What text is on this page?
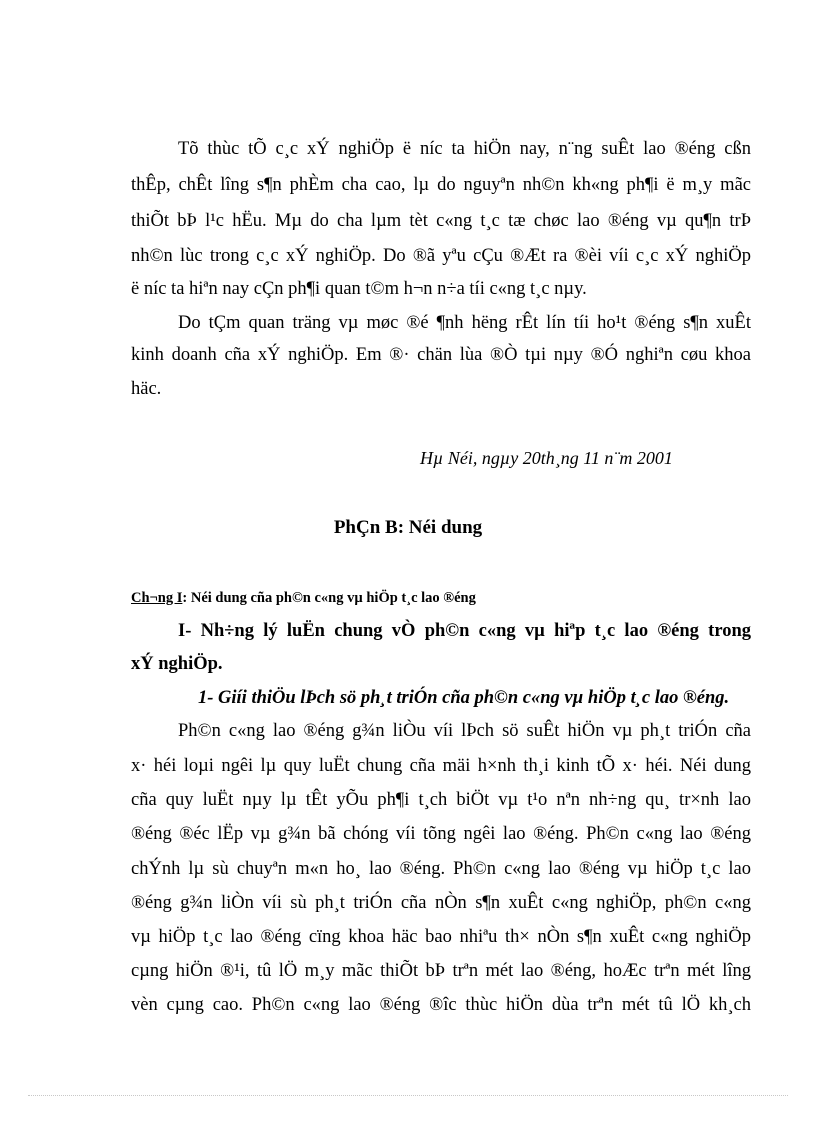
Tõ thùc tÕ c¸c xÝ nghiÖp ë níc ta hiÖn nay, n¨ng suÊt lao ®éng cßn
thÊp, chÊt lîng s¶n phÈm cha cao, lµ do nguyªn nh©n kh«ng ph¶i ë m¸y mãc
thiÕt bÞ l¹c hËu. Mµ do cha lµm tèt c«ng t¸c tæ chøc lao ®éng vµ qu¶n trÞ
nh©n lùc trong c¸c xÝ nghiÖp. Do ®ã yªu cÇu ®Æt ra ®èi víi c¸c xÝ nghiÖp
ë níc ta hiªn nay cÇn ph¶i quan t©m h¬n n÷a tíi c«ng t¸c nµy.
Do tÇm quan träng vµ møc ®é ¶nh hëng rÊt lín tíi ho¹t ®éng s¶n xuÊt
kinh doanh cña xÝ nghiÖp. Em ®· chän lùa ®Ò tµi nµy ®Ó nghiªn cøu khoa
häc.
Hµ Néi, ngµy 20th¸ng 11 n¨m 2001
PhÇn B: Néi dung
Ch¬ng I: Néi dung cña ph©n c«ng vµ hiÖp t¸c lao ®éng
I- Nh÷ng lý luËn chung vÒ ph©n c«ng vµ hiªp t¸c lao ®éng trong
xÝ nghiÖp.
1- Giíi thiÖu lÞch sö ph¸t triÓn cña ph©n c«ng vµ hiÖp t¸c lao ®éng.
Ph©n c«ng lao ®éng g¾n liÒu víi lÞch sö suÊt hiÖn vµ ph¸t triÓn cña
x· héi loµi ngêi lµ quy luËt chung cña mäi h×nh th¸i kinh tÕ x· héi. Néi dung
cña quy luËt nµy lµ tÊt yÕu ph¶i t¸ch biÖt vµ t¹o nªn nh÷ng qu¸ tr×nh lao
®éng ®éc lËp vµ g¾n bã chóng víi tõng ngêi lao ®éng. Ph©n c«ng lao ®éng
chÝnh lµ sù chuyªn m«n ho¸ lao ®éng. Ph©n c«ng lao ®éng vµ hiÖp t¸c lao
®éng g¾n liÒn víi sù ph¸t triÓn cña nÒn s¶n xuÊt c«ng nghiÖp, ph©n c«ng
vµ hiÖp t¸c lao ®éng cïng khoa häc bao nhiªu th× nÒn s¶n xuÊt c«ng nghiÖp
cµng hiÖn ®¹i, tû lÖ m¸y mãc thiÕt bÞ trªn mét lao ®éng, hoÆc trªn mét lîng
vèn cµng cao. Ph©n c«ng lao ®éng ®îc thùc hiÖn dùa trªn mét tû lÖ kh¸ch
